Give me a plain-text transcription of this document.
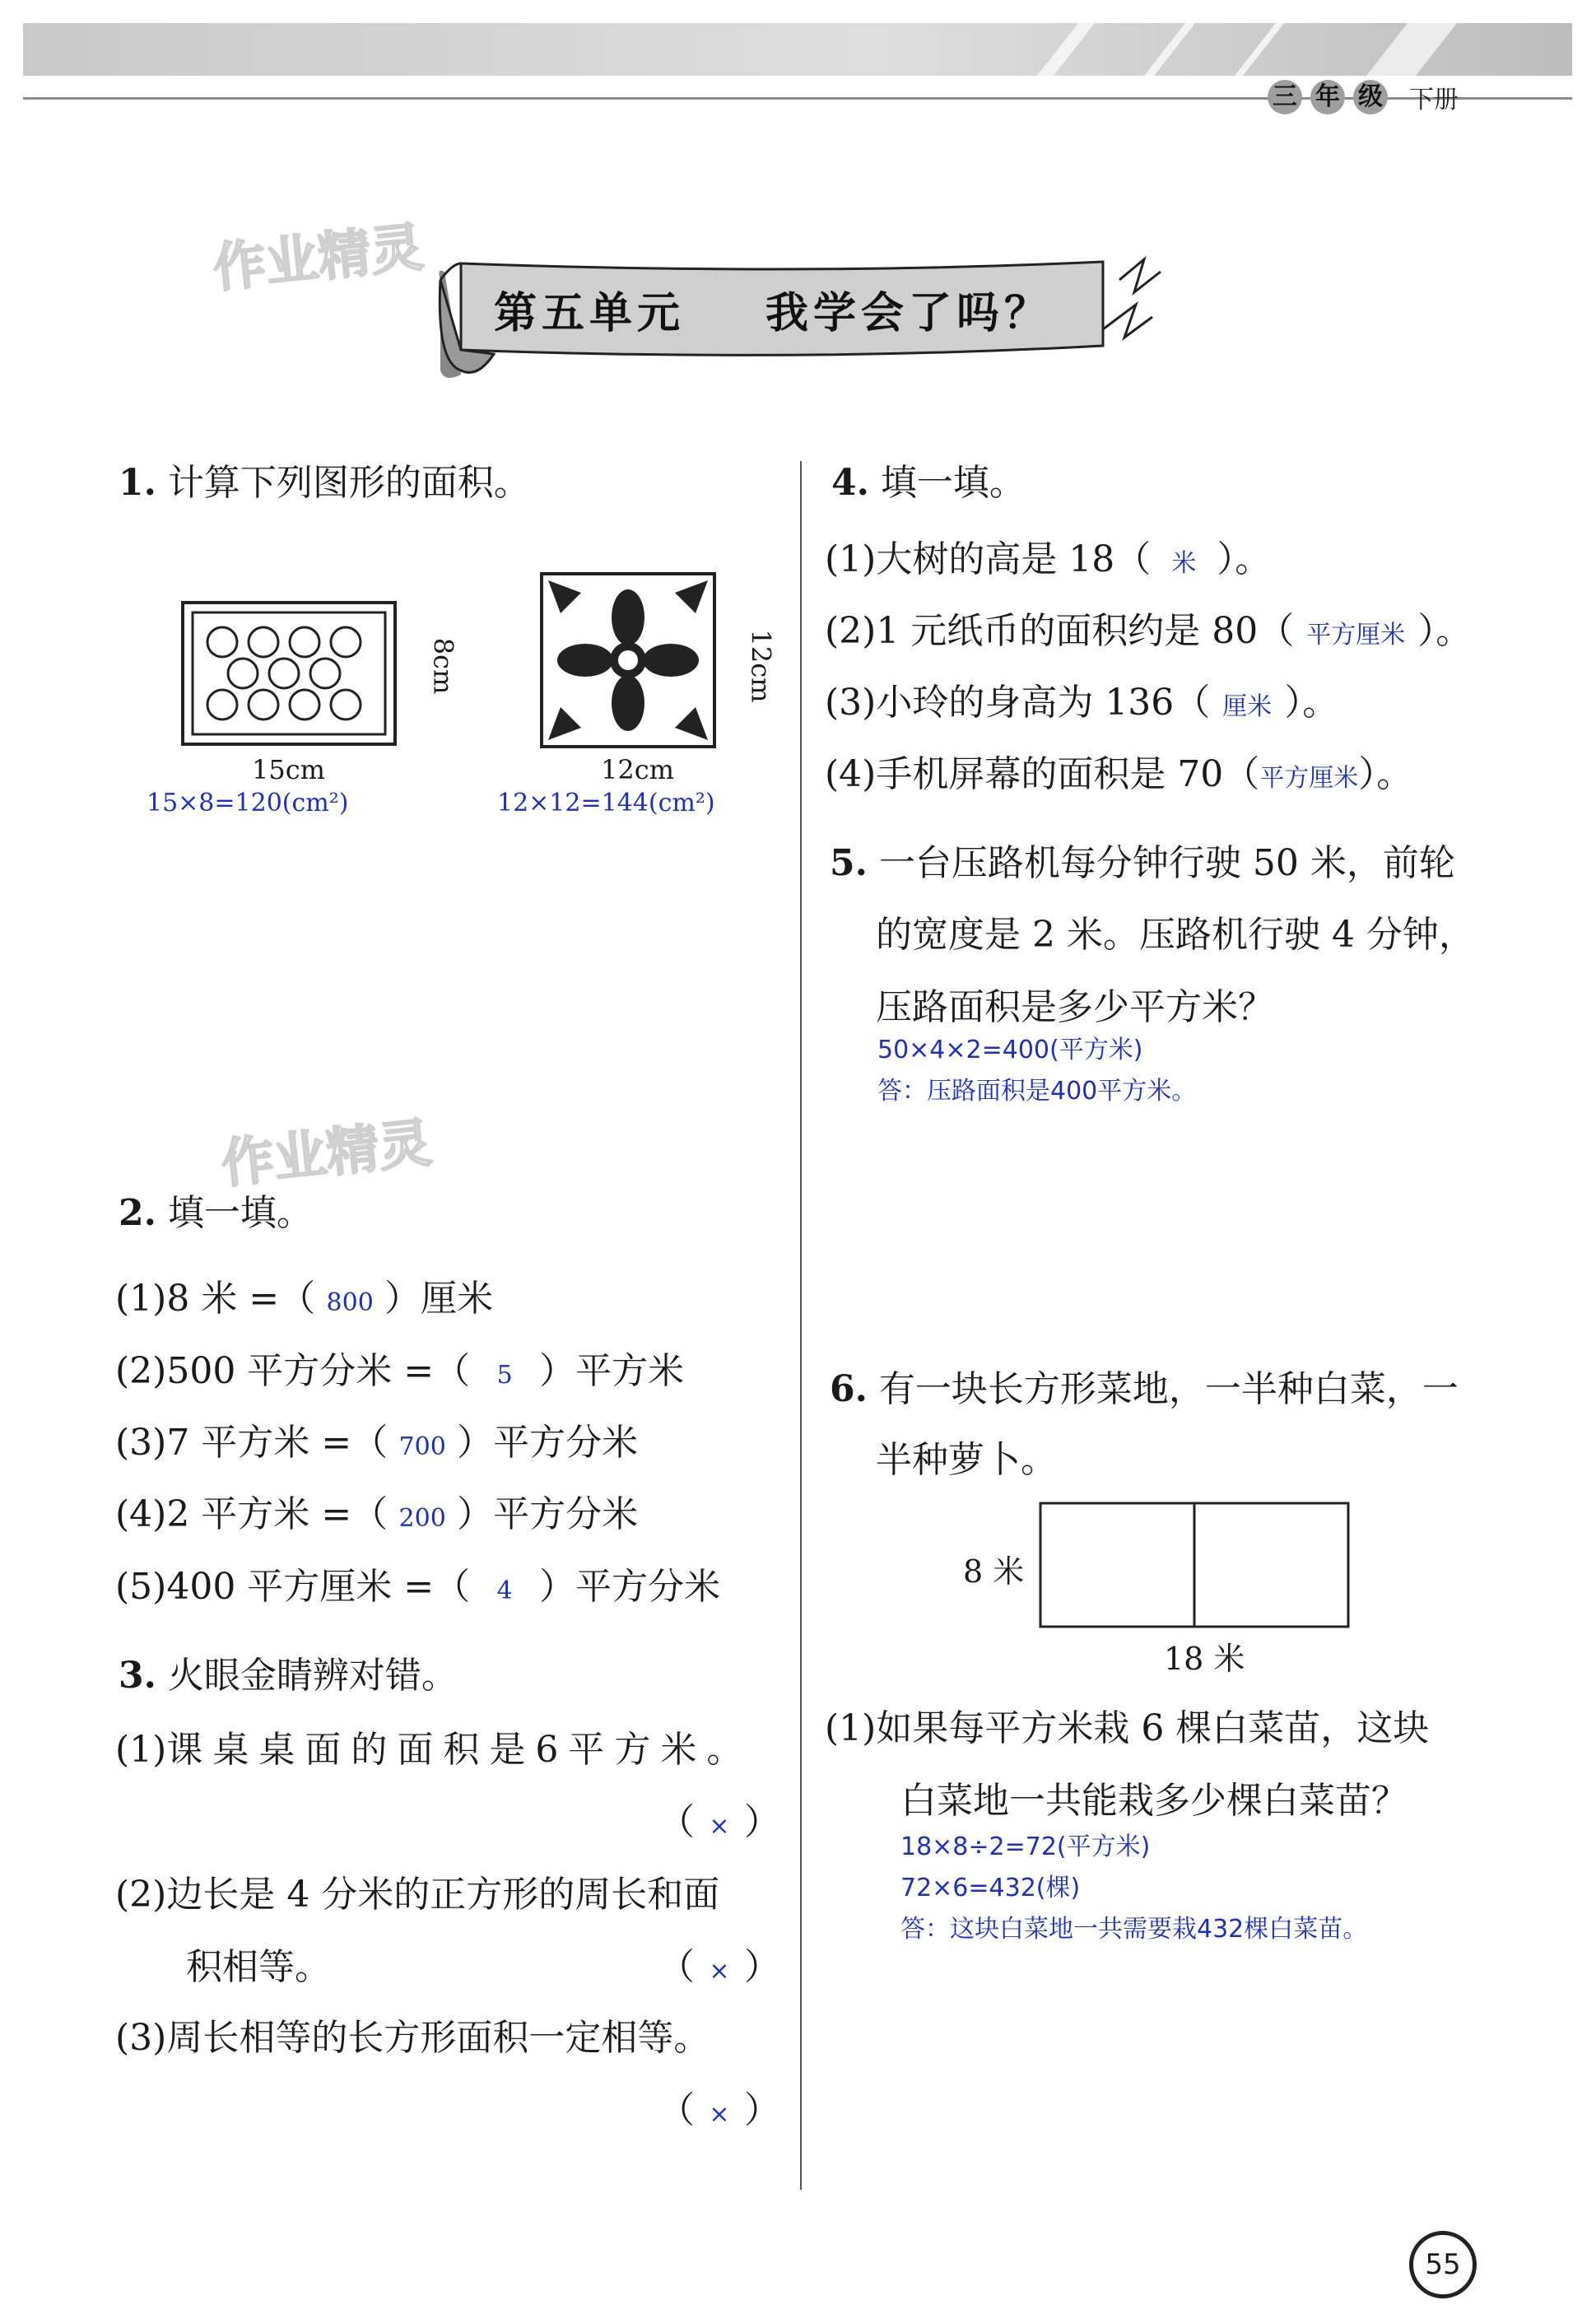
三 年 级 下册
作业精灵
作业精灵
第五单元 我学会了吗？
1. 计算下列图形的面积。
8cm
15cm
15×8=120(cm²)
12cm
12cm
12×12=144(cm²)
2. 填一填。
(1)8 米 =（ 800 ）厘米
(2)500 平方分米 =（ 5 ）平方米
(3)7 平方米 =（ 700 ）平方分米
(4)2 平方米 =（ 200 ）平方分米
(5)400 平方厘米 =（ 4 ）平方分米
3. 火眼金睛辨对错。
(1)课桌桌面的面积是6平方米。
（ × ）
(2)边长是 4 分米的正方形的周长和面
积相等。	（ × ）
(3)周长相等的长方形面积一定相等。
（ × ）
4. 填一填。
(1)大树的高是 18（ 米 ）。
(2)1 元纸币的面积约是 80（ 平方厘米 ）。
(3)小玲的身高为 136（ 厘米 ）。
(4)手机屏幕的面积是 70（平方厘米）。
5. 一台压路机每分钟行驶 50 米，前轮
的宽度是 2 米。压路机行驶 4 分钟，
压路面积是多少平方米？
50×4×2=400(平方米)
答：压路面积是400平方米。
6. 有一块长方形菜地，一半种白菜，一
半种萝卜。
8 米
18 米
(1)如果每平方米栽 6 棵白菜苗，这块
白菜地一共能栽多少棵白菜苗？
18×8÷2=72(平方米)
72×6=432(棵)
答：这块白菜地一共需要栽432棵白菜苗。
55
